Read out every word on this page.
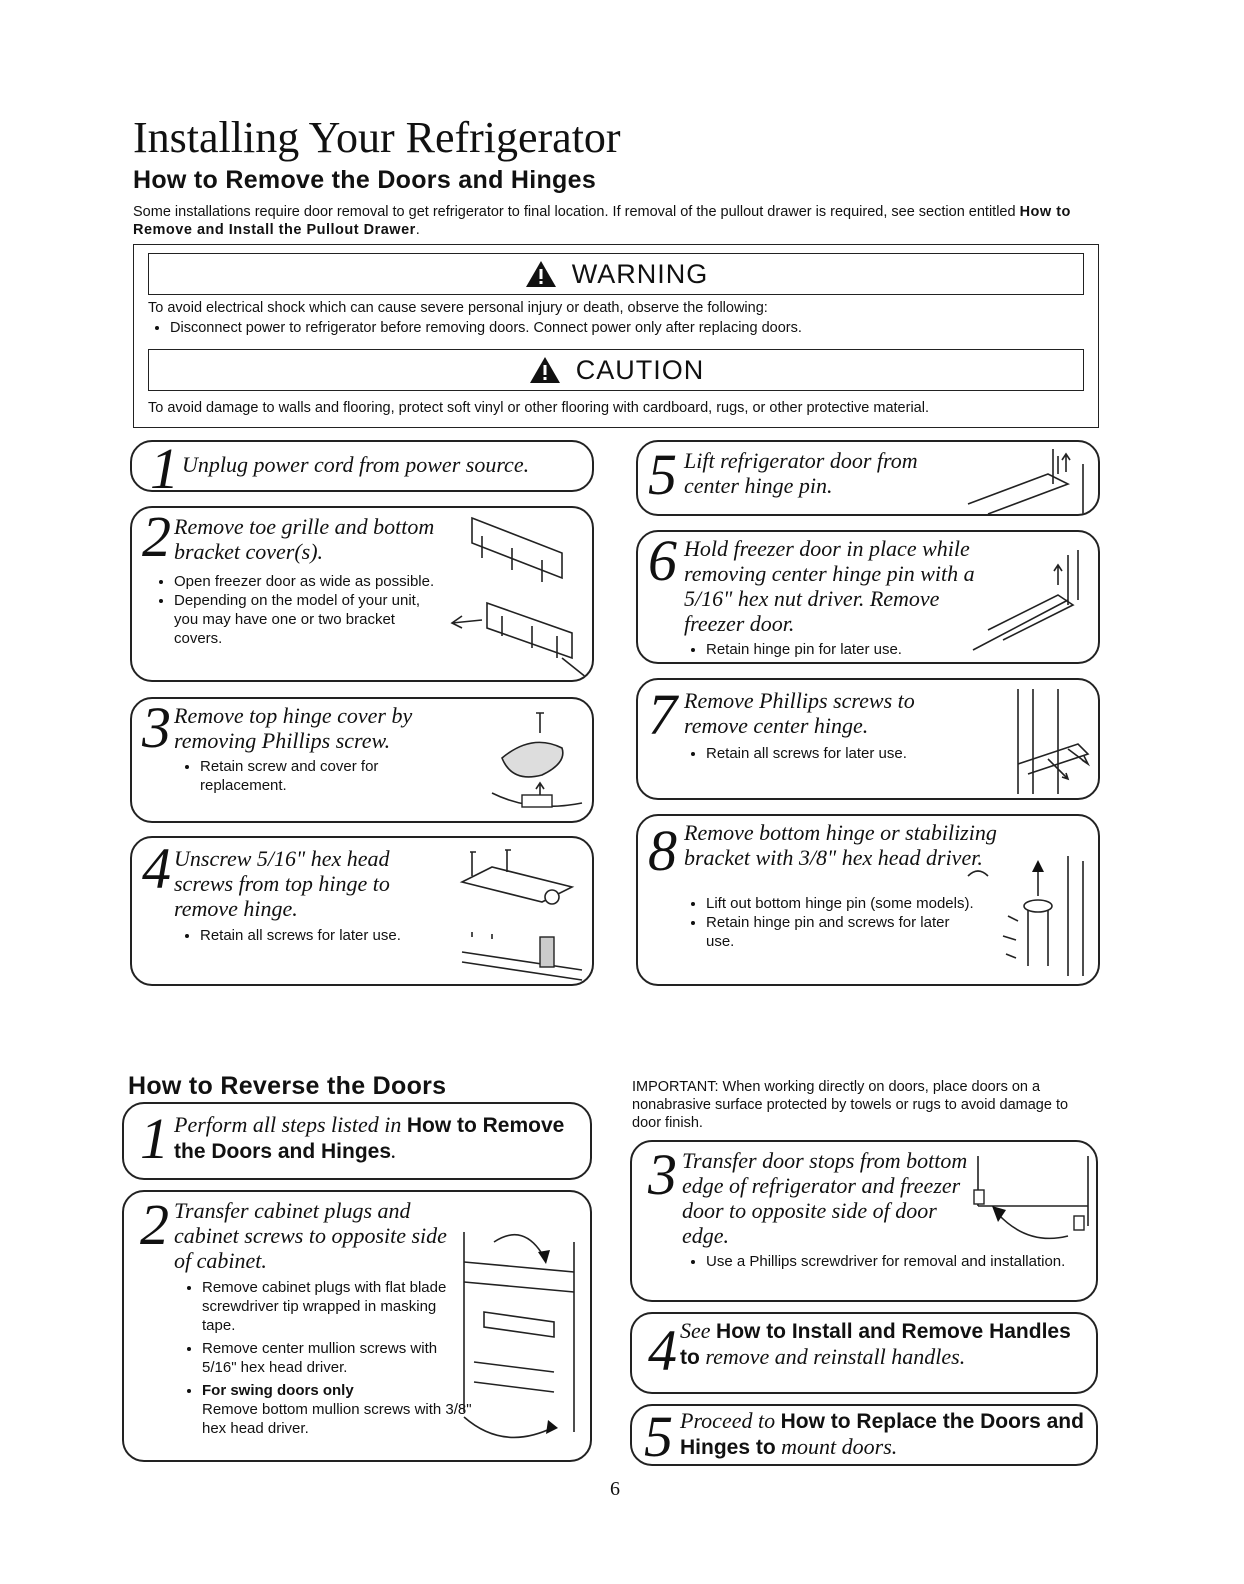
Installing Your Refrigerator
How to Remove the Doors and Hinges
Some installations require door removal to get refrigerator to final location. If removal of the pullout drawer is required, see section entitled How to Remove and Install the Pullout Drawer.
WARNING
To avoid electrical shock which can cause severe personal injury or death, observe the following:
• Disconnect power to refrigerator before removing doors. Connect power only after replacing doors.
CAUTION
To avoid damage to walls and flooring, protect soft vinyl or other flooring with cardboard, rugs, or other protective material.
1 Unplug power cord from power source.
2 Remove toe grille and bottom bracket cover(s).
• Open freezer door as wide as possible.
• Depending on the model of your unit, you may have one or two bracket covers.
3 Remove top hinge cover by removing Phillips screw.
• Retain screw and cover for replacement.
4 Unscrew 5/16" hex head screws from top hinge to remove hinge.
• Retain all screws for later use.
5 Lift refrigerator door from center hinge pin.
6 Hold freezer door in place while removing center hinge pin with a 5/16" hex nut driver. Remove freezer door.
• Retain hinge pin for later use.
7 Remove Phillips screws to remove center hinge.
• Retain all screws for later use.
8 Remove bottom hinge or stabilizing bracket with 3/8" hex head driver.
• Lift out bottom hinge pin (some models).
• Retain hinge pin and screws for later use.
How to Reverse the Doors	IMPORTANT: When working directly on doors, place doors on a nonabrasive surface protected by towels or rugs to avoid damage to door finish.
1 Perform all steps listed in How to Remove the Doors and Hinges.
2 Transfer cabinet plugs and cabinet screws to opposite side of cabinet.
• Remove cabinet plugs with flat blade screwdriver tip wrapped in masking tape.
• Remove center mullion screws with 5/16" hex head driver.
• For swing doors only
Remove bottom mullion screws with 3/8" hex head driver.
3 Transfer door stops from bottom edge of refrigerator and freezer door to opposite side of door edge.
• Use a Phillips screwdriver for removal and installation.
4 See How to Install and Remove Handles to remove and reinstall handles.
5 Proceed to How to Replace the Doors and Hinges to mount doors.
6
